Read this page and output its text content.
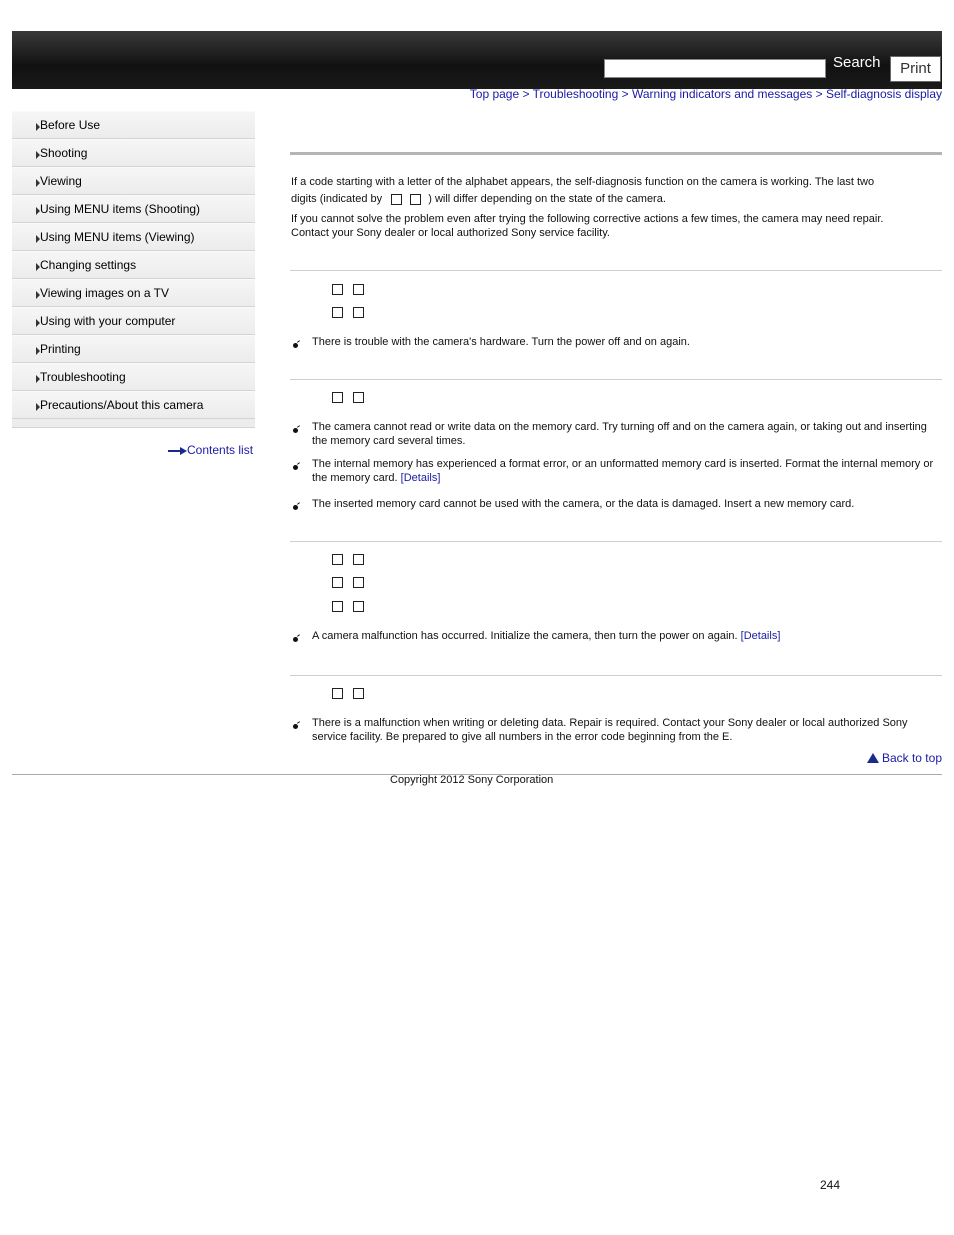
Search	Print
Top page > Troubleshooting > Warning indicators and messages > Self-diagnosis display
Before Use
Shooting
Viewing
Using MENU items (Shooting)
Using MENU items (Viewing)
Changing settings
Viewing images on a TV
Using with your computer
Printing
Troubleshooting
Precautions/About this camera
Contents list
If a code starting with a letter of the alphabet appears, the self-diagnosis function on the camera is working. The last two
digits (indicated by	) will differ depending on the state of the camera.
If you cannot solve the problem even after trying the following corrective actions a few times, the camera may need repair.
Contact your Sony dealer or local authorized Sony service facility.
There is trouble with the camera's hardware. Turn the power off and on again.
The camera cannot read or write data on the memory card. Try turning off and on the camera again, or taking out and inserting the memory card several times.
The internal memory has experienced a format error, or an unformatted memory card is inserted. Format the internal memory or the memory card. [Details]
The inserted memory card cannot be used with the camera, or the data is damaged. Insert a new memory card.
A camera malfunction has occurred. Initialize the camera, then turn the power on again. [Details]
There is a malfunction when writing or deleting data. Repair is required. Contact your Sony dealer or local authorized Sony service facility. Be prepared to give all numbers in the error code beginning from the E.
Back to top
Copyright 2012 Sony Corporation
244
